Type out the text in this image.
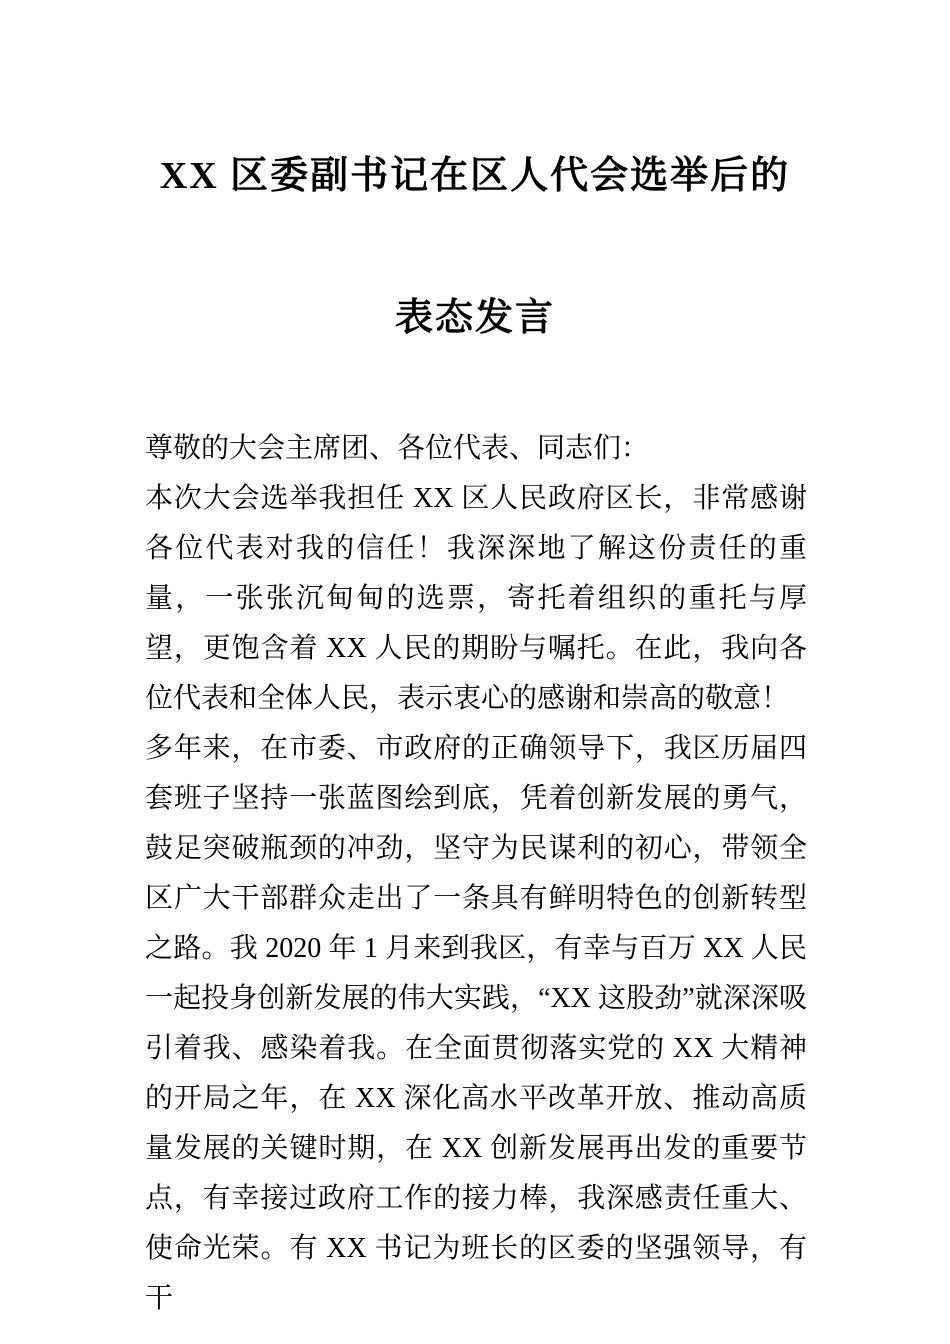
XX 区委副书记在区人代会选举后的
表态发言

尊敬的大会主席团、各位代表、同志们：

本次大会选举我担任 XX 区人民政府区长，非常感谢各位代表对我的信任！我深深地了解这份责任的重量，一张张沉甸甸的选票，寄托着组织的重托与厚望，更饱含着 XX 人民的期盼与嘱托。在此，我向各位代表和全体人民，表示衷心的感谢和崇高的敬意！

多年来，在市委、市政府的正确领导下，我区历届四套班子坚持一张蓝图绘到底，凭着创新发展的勇气，鼓足突破瓶颈的冲劲，坚守为民谋利的初心，带领全区广大干部群众走出了一条具有鲜明特色的创新转型之路。我 2020 年 1 月来到我区，有幸与百万 XX 人民一起投身创新发展的伟大实践，“XX 这股劲”就深深吸引着我、感染着我。在全面贯彻落实党的 XX 大精神的开局之年，在 XX 深化高水平改革开放、推动高质量发展的关键时期，在 XX 创新发展再出发的重要节点，有幸接过政府工作的接力棒，我深感责任重大、使命光荣。有 XX 书记为班长的区委的坚强领导，有干
